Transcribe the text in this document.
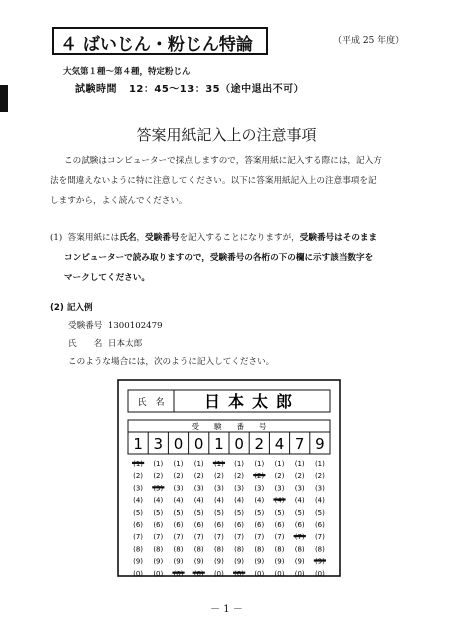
４ ばいじん・粉じん特論	（平成 25 年度）
大気第１種～第４種，特定粉じん
試験時間 12：45～13：35（途中退出不可）
答案用紙記入上の注意事項
この試験はコンピューターで採点しますので，答案用紙に記入する際には，記入方
法を間違えないように特に注意してください。以下に答案用紙記入上の注意事項を記
しますから，よく読んでください。
(1) 答案用紙には氏名，受験番号を記入することになりますが，受験番号はそのまま
コンピューターで読み取りますので，受験番号の各桁の下の欄に示す該当数字を
マークしてください。
(2) 記入例
受験番号 1300102479
氏　　名 日本太郎
このような場合には，次のように記入してください。
氏　名 日本太郎
受　　験　　番　　号
1 3 0 0 1 0 2 4 7 9
(2)
(3)
(4)
(5)
(6)
(7)
(8)
(9)
(0)
(1)
(2)
(4)
(5)
(6)
(7)
(8)
(9)
(0)
(1)
(2)
(3)
(4)
(5)
(6)
(7)
(8)
(9)
(1)
(2)
(3)
(4)
(5)
(6)
(7)
(8)
(9)
(2)
(3)
(4)
(5)
(6)
(7)
(8)
(9)
(0)
(1)
(2)
(3)
(4)
(5)
(6)
(7)
(8)
(9)
(1)
(3)
(4)
(5)
(6)
(7)
(8)
(9)
(0)
(1)
(2)
(3)
(5)
(6)
(7)
(8)
(9)
(0)
(1)
(2)
(3)
(4)
(5)
(6)
(8)
(9)
(0)
(1)
(2)
(3)
(4)
(5)
(6)
(7)
(8)
(0)
－ 1 －
